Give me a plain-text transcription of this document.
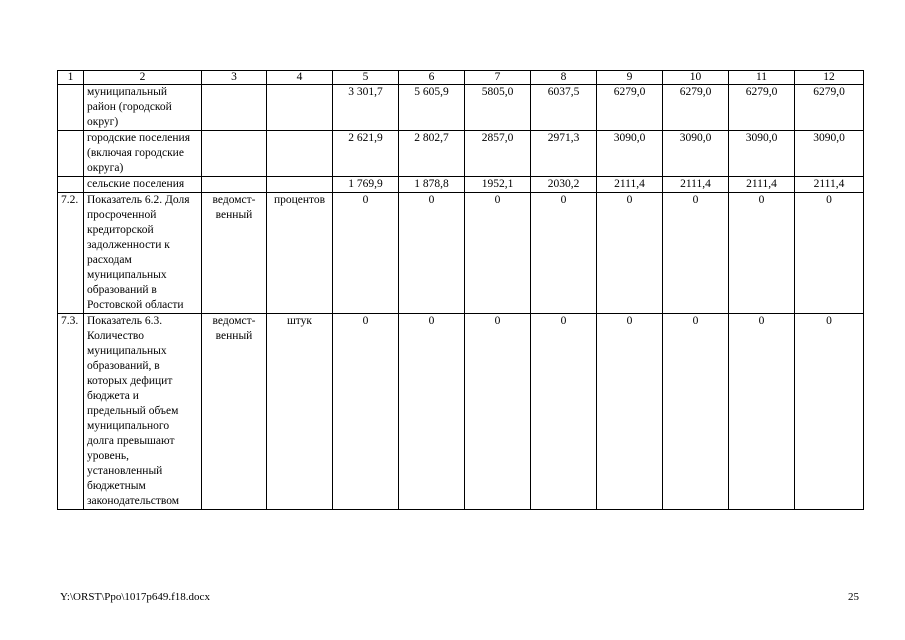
1	2	3	4	5	6	7	8	9	10	11	12
	муниципальный район (городской округ)			3 301,7	5 605,9	5805,0	6037,5	6279,0	6279,0	6279,0	6279,0
	городские поселения (включая городские округа)			2 621,9	2 802,7	2857,0	2971,3	3090,0	3090,0	3090,0	3090,0
	сельские поселения			1 769,9	1 878,8	1952,1	2030,2	2111,4	2111,4	2111,4	2111,4
7.2.	Показатель 6.2. Доля просроченной кредиторской задолженности к расходам муниципальных образований в Ростовской области	ведомст-венный	процентов	0	0	0	0	0	0	0	0
7.3.	Показатель 6.3. Количество муниципальных образований, в которых дефицит бюджета и предельный объем муниципального долга превышают уровень, установленный бюджетным законодательством	ведомст-венный	штук	0	0	0	0	0	0	0	0
Y:\ORST\Ppo\1017p649.f18.docx	25
